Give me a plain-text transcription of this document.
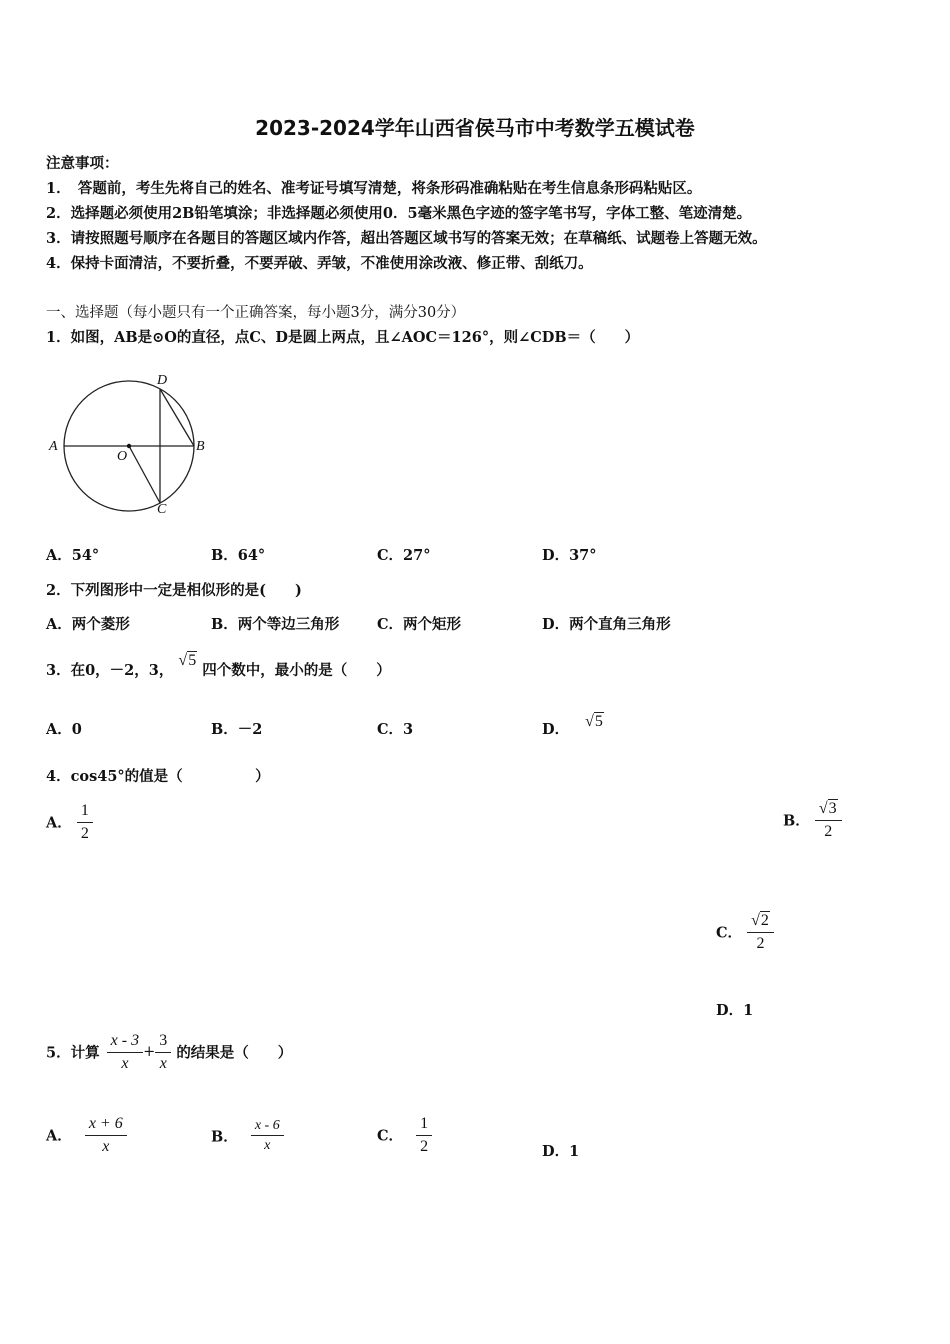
2023-2024学年山西省侯马市中考数学五模试卷
注意事项：
1．　答题前，考生先将自己的姓名、准考证号填写清楚，将条形码准确粘贴在考生信息条形码粘贴区。
2．选择题必须使用2B铅笔填涂；非选择题必须使用0．5毫米黑色字迹的签字笔书写，字体工整、笔迹清楚。
3．请按照题号顺序在各题目的答题区域内作答，超出答题区域书写的答案无效；在草稿纸、试题卷上答题无效。
4．保持卡面清洁，不要折叠，不要弄破、弄皱，不准使用涂改液、修正带、刮纸刀。
一、选择题（每小题只有一个正确答案，每小题3分，满分30分）
1．如图，AB是⊙O的直径，点C、D是圆上两点，且∠AOC＝126°，则∠CDB＝（　　）
A	B
C
D
O
A．54°	B．64°	C．27°	D．37°
2．下列图形中一定是相似形的是(　　)
A．两个菱形	B．两个等边三角形	C．两个矩形	D．两个直角三角形
3．在0，－2，3， √5 四个数中，最小的是（　　）
A．0	B．－2	C．3	D． √5
4．cos45°的值是（　　　　　）
A． $\frac{1}{2}$	B． $\frac{√3}{2}$
C． $\frac{√2}{2}$
D．1
5．计算 $\frac{x - 3}{x} + \frac{3}{x}$ 的结果是（　　）
A． $\frac{x + 6}{x}$	B． $\frac{x - 6}{x}$	C． $\frac{1}{2}$	D．1
